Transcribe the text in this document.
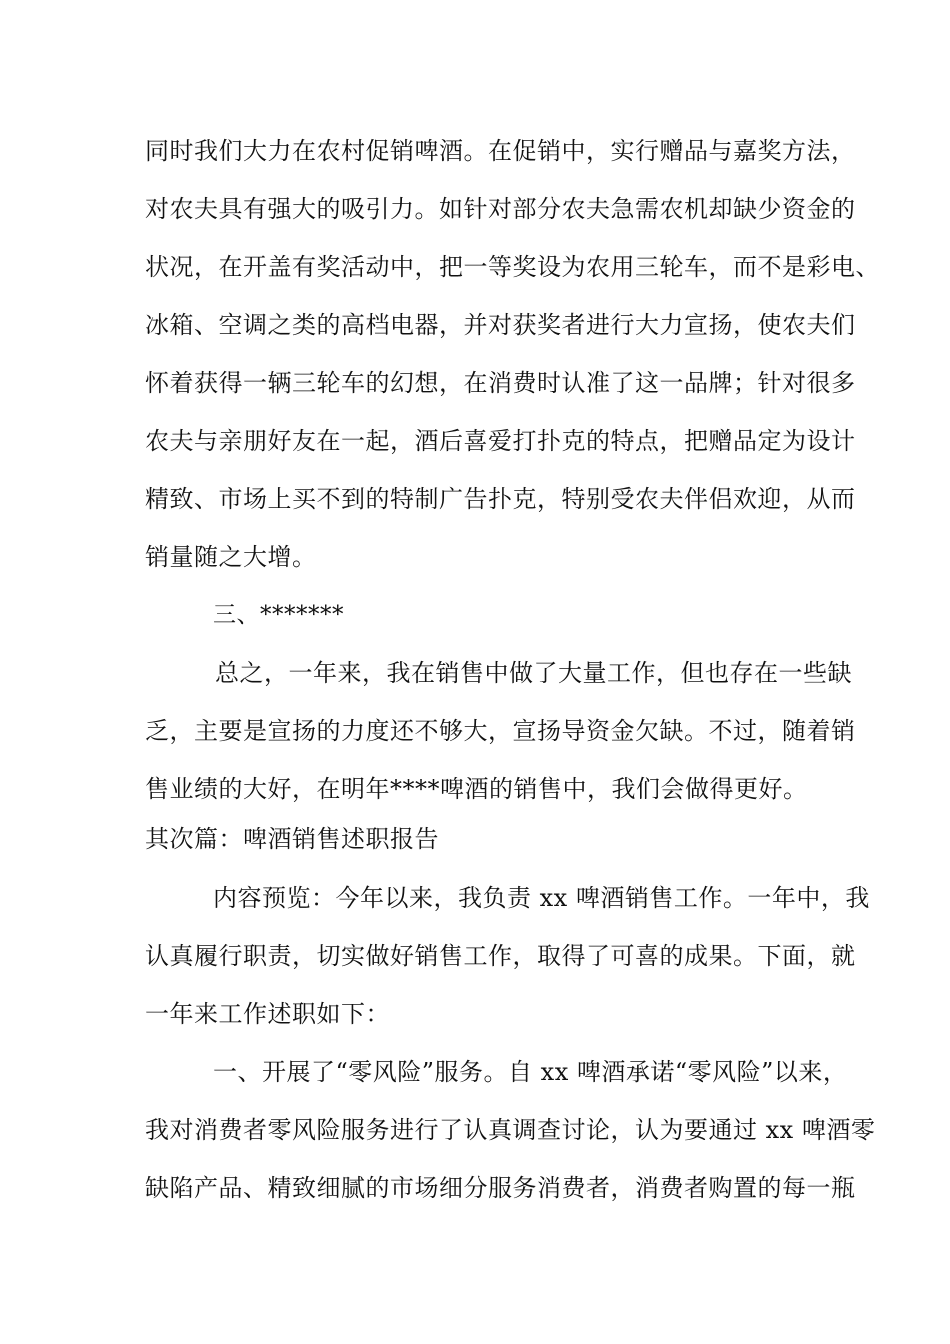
同时我们大力在农村促销啤酒。在促销中，实行赠品与嘉奖方法，
对农夫具有强大的吸引力。如针对部分农夫急需农机却缺少资金的
状况，在开盖有奖活动中，把一等奖设为农用三轮车，而不是彩电、
冰箱、空调之类的高档电器，并对获奖者进行大力宣扬，使农夫们
怀着获得一辆三轮车的幻想，在消费时认准了这一品牌；针对很多
农夫与亲朋好友在一起，酒后喜爱打扑克的特点，把赠品定为设计
精致、市场上买不到的特制广告扑克，特别受农夫伴侣欢迎，从而
销量随之大增。
三、*******
总之，一年来，我在销售中做了大量工作，但也存在一些缺
乏，主要是宣扬的力度还不够大，宣扬导资金欠缺。不过，随着销
售业绩的大好，在明年****啤酒的销售中，我们会做得更好。
其次篇：啤酒销售述职报告
内容预览：今年以来，我负责 xx 啤酒销售工作。一年中，我
认真履行职责，切实做好销售工作，取得了可喜的成果。下面，就
一年来工作述职如下：
一、开展了“零风险”服务。自 xx 啤酒承诺“零风险”以来，
我对消费者零风险服务进行了认真调查讨论，认为要通过 xx 啤酒零
缺陷产品、精致细腻的市场细分服务消费者，消费者购置的每一瓶
